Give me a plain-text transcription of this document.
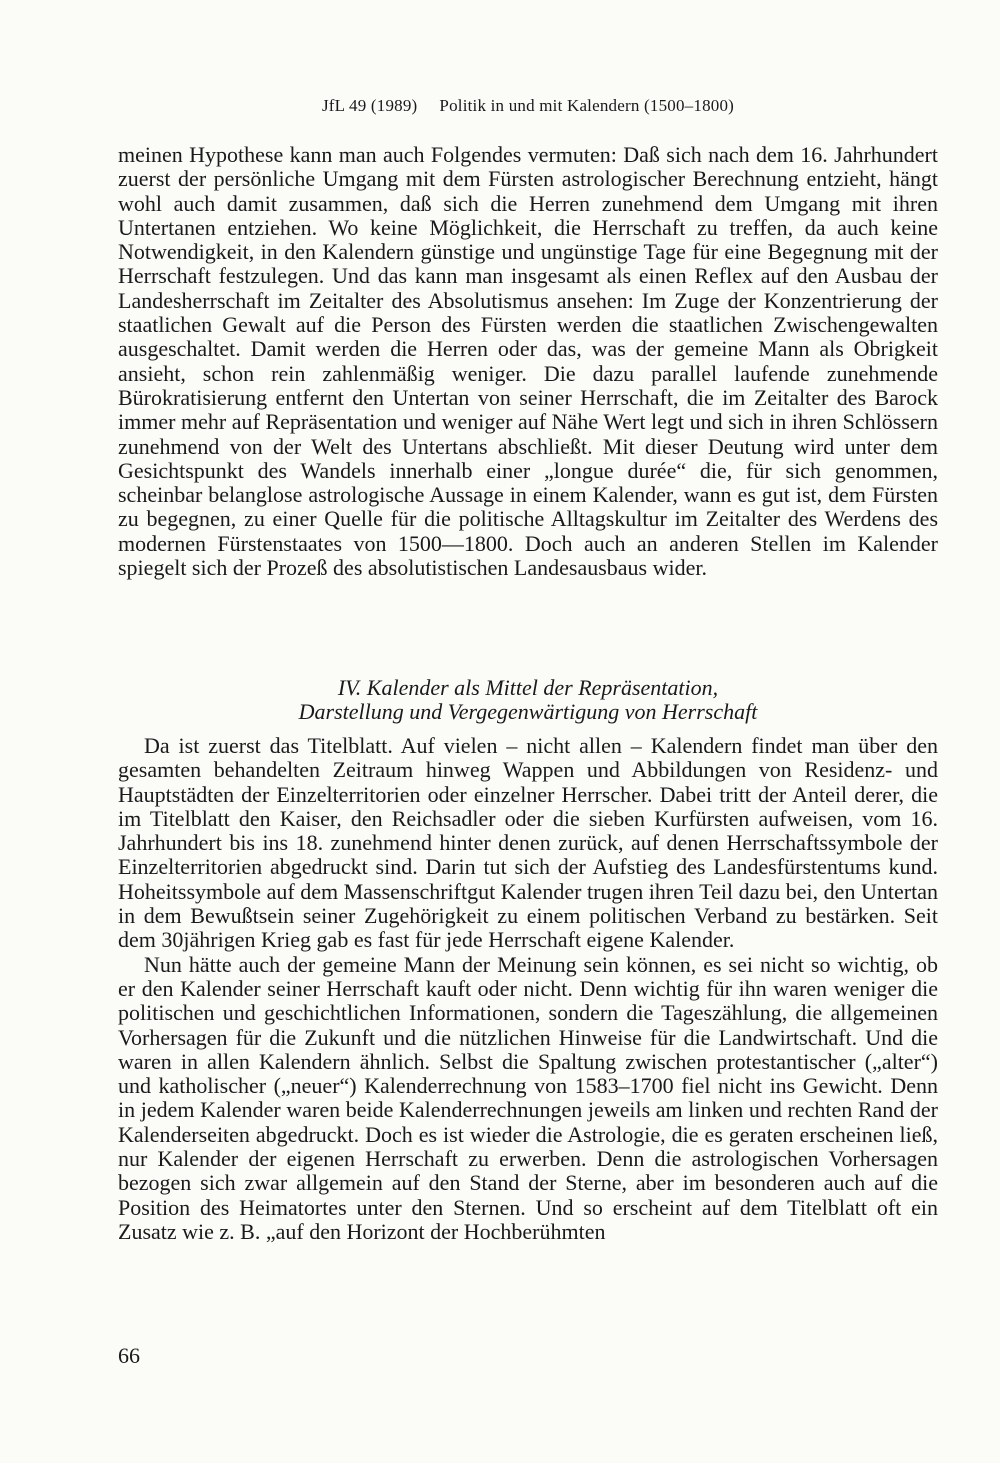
JfL 49 (1989) Politik in und mit Kalendern (1500–1800)

meinen Hypothese kann man auch Folgendes vermuten: Daß sich nach dem 16. Jahrhundert zuerst der persönliche Umgang mit dem Fürsten astrologischer Berechnung entzieht, hängt wohl auch damit zusammen, daß sich die Herren zunehmend dem Umgang mit ihren Untertanen entziehen. Wo keine Möglichkeit, die Herrschaft zu treffen, da auch keine Notwendigkeit, in den Kalendern günstige und ungünstige Tage für eine Begegnung mit der Herrschaft festzulegen. Und das kann man insgesamt als einen Reflex auf den Ausbau der Landesherrschaft im Zeitalter des Absolutismus ansehen: Im Zuge der Konzentrierung der staatlichen Gewalt auf die Person des Fürsten werden die staatlichen Zwischengewalten ausgeschaltet. Damit werden die Herren oder das, was der gemeine Mann als Obrigkeit ansieht, schon rein zahlenmäßig weniger. Die dazu parallel laufende zunehmende Bürokratisierung entfernt den Untertan von seiner Herrschaft, die im Zeitalter des Barock immer mehr auf Repräsentation und weniger auf Nähe Wert legt und sich in ihren Schlössern zunehmend von der Welt des Untertans abschließt. Mit dieser Deutung wird unter dem Gesichtspunkt des Wandels innerhalb einer „longue durée“ die, für sich genommen, scheinbar belanglose astrologische Aussage in einem Kalender, wann es gut ist, dem Fürsten zu begegnen, zu einer Quelle für die politische Alltagskultur im Zeitalter des Werdens des modernen Fürstenstaates von 1500—1800. Doch auch an anderen Stellen im Kalender spiegelt sich der Prozeß des absolutistischen Landesausbaus wider.

IV. Kalender als Mittel der Repräsentation,
Darstellung und Vergegenwärtigung von Herrschaft

Da ist zuerst das Titelblatt. Auf vielen – nicht allen – Kalendern findet man über den gesamten behandelten Zeitraum hinweg Wappen und Abbildungen von Residenz- und Hauptstädten der Einzelterritorien oder einzelner Herrscher. Dabei tritt der Anteil derer, die im Titelblatt den Kaiser, den Reichsadler oder die sieben Kurfürsten aufweisen, vom 16. Jahrhundert bis ins 18. zunehmend hinter denen zurück, auf denen Herrschaftssymbole der Einzelterritorien abgedruckt sind. Darin tut sich der Aufstieg des Landesfürstentums kund. Hoheitssymbole auf dem Massenschriftgut Kalender trugen ihren Teil dazu bei, den Untertan in dem Bewußtsein seiner Zugehörigkeit zu einem politischen Verband zu bestärken. Seit dem 30jährigen Krieg gab es fast für jede Herrschaft eigene Kalender.

Nun hätte auch der gemeine Mann der Meinung sein können, es sei nicht so wichtig, ob er den Kalender seiner Herrschaft kauft oder nicht. Denn wichtig für ihn waren weniger die politischen und geschichtlichen Informationen, sondern die Tageszählung, die allgemeinen Vorhersagen für die Zukunft und die nützlichen Hinweise für die Landwirtschaft. Und die waren in allen Kalendern ähnlich. Selbst die Spaltung zwischen protestantischer („alter“) und katholischer („neuer“) Kalenderrechnung von 1583–1700 fiel nicht ins Gewicht. Denn in jedem Kalender waren beide Kalenderrechnungen jeweils am linken und rechten Rand der Kalenderseiten abgedruckt. Doch es ist wieder die Astrologie, die es geraten erscheinen ließ, nur Kalender der eigenen Herrschaft zu erwerben. Denn die astrologischen Vorhersagen bezogen sich zwar allgemein auf den Stand der Sterne, aber im besonderen auch auf die Position des Heimatortes unter den Sternen. Und so erscheint auf dem Titelblatt oft ein Zusatz wie z. B. „auf den Horizont der Hochberühmten

66
